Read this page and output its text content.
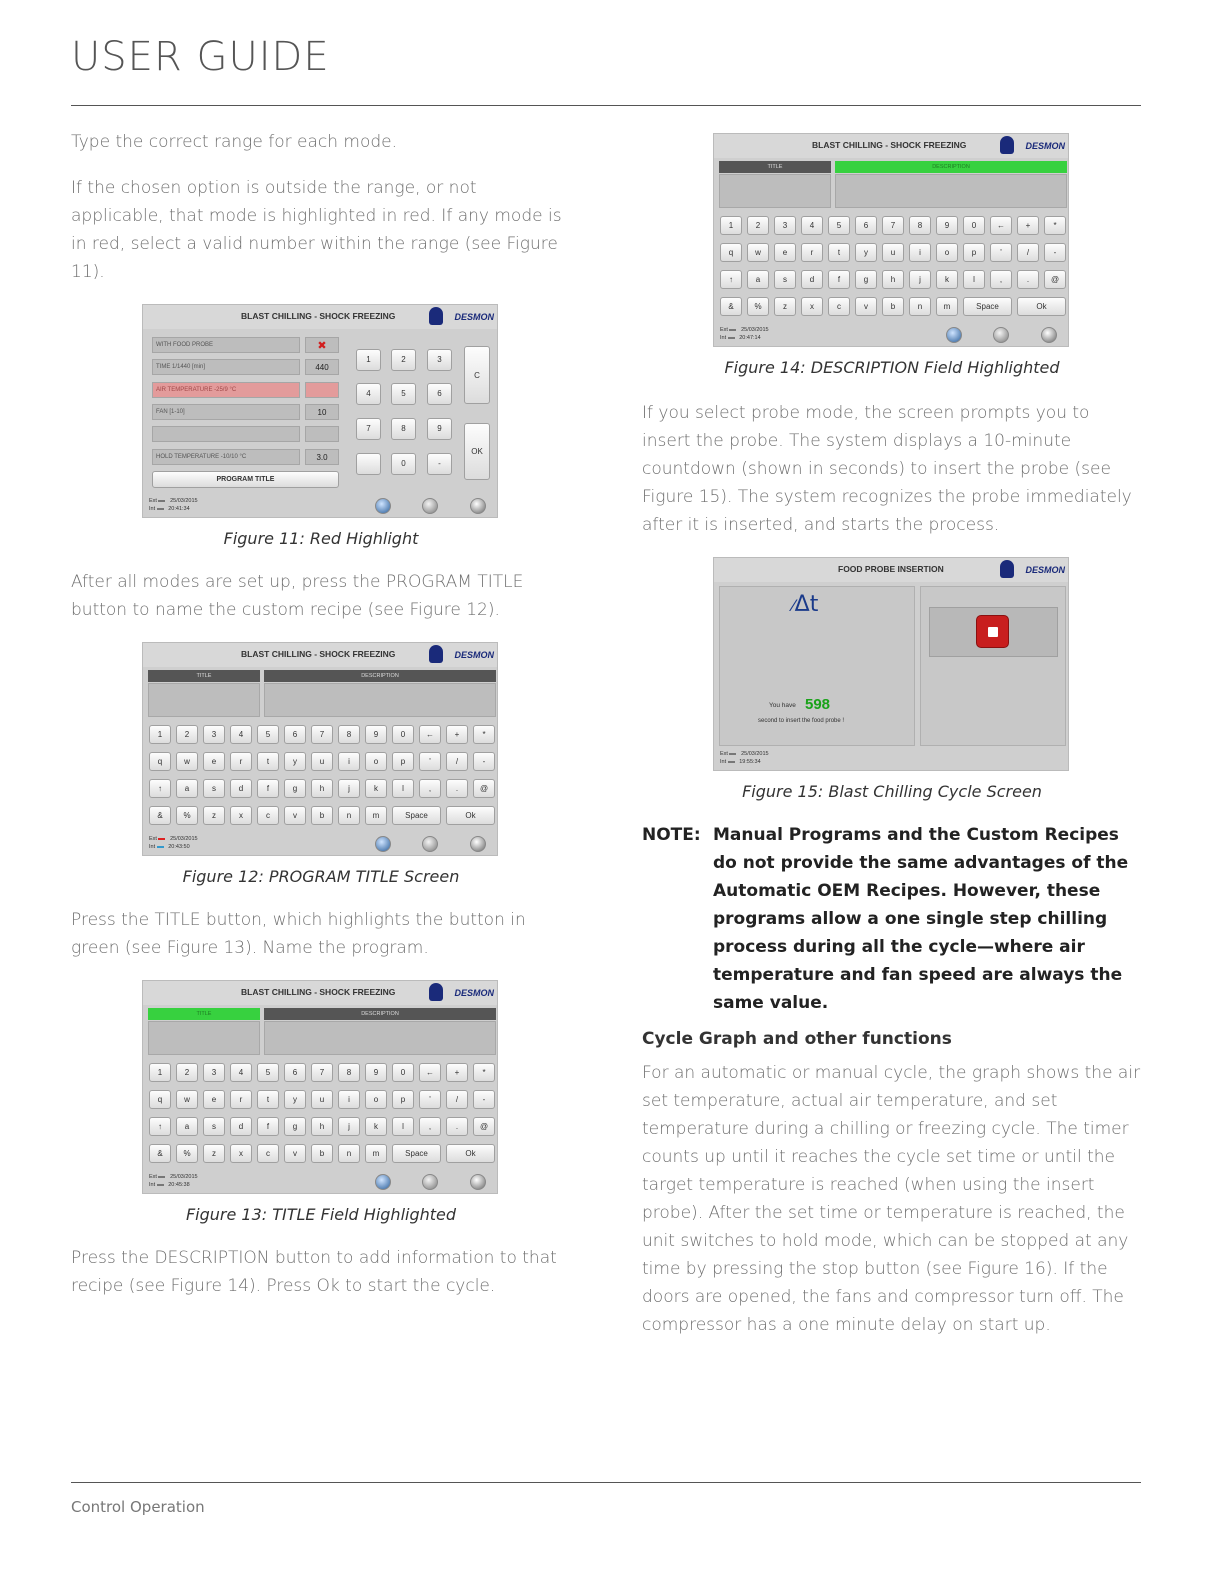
USER GUIDE

Type the correct range for each mode.

If the chosen option is outside the range, or not applicable, that mode is highlighted in red. If any mode is in red, select a valid number within the range (see Figure 11).

BLAST CHILLING - SHOCK FREEZING	DESMON
WITH FOOD PROBE	✖
TIME 1/1440 [min]	440
AIR TEMPERATURE -25/9 °C
FAN [1-10]	10
HOLD TEMPERATURE -10/10 °C	3.0
PROGRAM TITLE
1	2	3
4	5	6
7	8	9
0	-
C
OK
Ext 25/03/2015
Int 20:41:34
Figure 11: Red Highlight

After all modes are set up, press the PROGRAM TITLE button to name the custom recipe (see Figure 12).

BLAST CHILLING - SHOCK FREEZING	DESMON
TITLE	DESCRIPTION
1	2	3	4	5	6	7	8	9	0	←	+	*
q	w	e	r	t	y	u	i	o	p	'	/	-
↑	a	s	d	f	g	h	j	k	l	,	.	@
&	%	z	x	c	v	b	n	m	Space	Ok
Ext 25/03/2015
Int 20:43:50
Figure 12: PROGRAM TITLE Screen

Press the TITLE button, which highlights the button in green (see Figure 13). Name the program.

BLAST CHILLING - SHOCK FREEZING	DESMON
TITLE	DESCRIPTION
1	2	3	4	5	6	7	8	9	0	←	+	*
q	w	e	r	t	y	u	i	o	p	'	/	-
↑	a	s	d	f	g	h	j	k	l	,	.	@
&	%	z	x	c	v	b	n	m	Space	Ok
Ext 25/03/2015
Int 20:45:38
Figure 13: TITLE Field Highlighted

Press the DESCRIPTION button to add information to that recipe (see Figure 14). Press Ok to start the cycle.

BLAST CHILLING - SHOCK FREEZING	DESMON
TITLE	DESCRIPTION
1	2	3	4	5	6	7	8	9	0	←	+	*
q	w	e	r	t	y	u	i	o	p	'	/	-
↑	a	s	d	f	g	h	j	k	l	,	.	@
&	%	z	x	c	v	b	n	m	Space	Ok
Ext 25/03/2015
Int 20:47:14
Figure 14: DESCRIPTION Field Highlighted

If you select probe mode, the screen prompts you to insert the probe. The system displays a 10-minute countdown (shown in seconds) to insert the probe (see Figure 15). The system recognizes the probe immediately after it is inserted, and starts the process.

FOOD PROBE INSERTION	DESMON
⁄Δt
You have 598
second to insert the food probe !
Ext 25/03/2015
Int 19:55:34
Figure 15: Blast Chilling Cycle Screen
NOTE: Manual Programs and the Custom Recipes do not provide the same advantages of the Automatic OEM Recipes. However, these programs allow a one single step chilling process during all the cycle—where air temperature and fan speed are always the same value.
Cycle Graph and other functions

For an automatic or manual cycle, the graph shows the air set temperature, actual air temperature, and set temperature during a chilling or freezing cycle. The timer counts up until it reaches the cycle set time or until the target temperature is reached (when using the insert probe). After the set time or temperature is reached, the unit switches to hold mode, which can be stopped at any time by pressing the stop button (see Figure 16). If the doors are opened, the fans and compressor turn off. The compressor has a one minute delay on start up.

Control Operation
